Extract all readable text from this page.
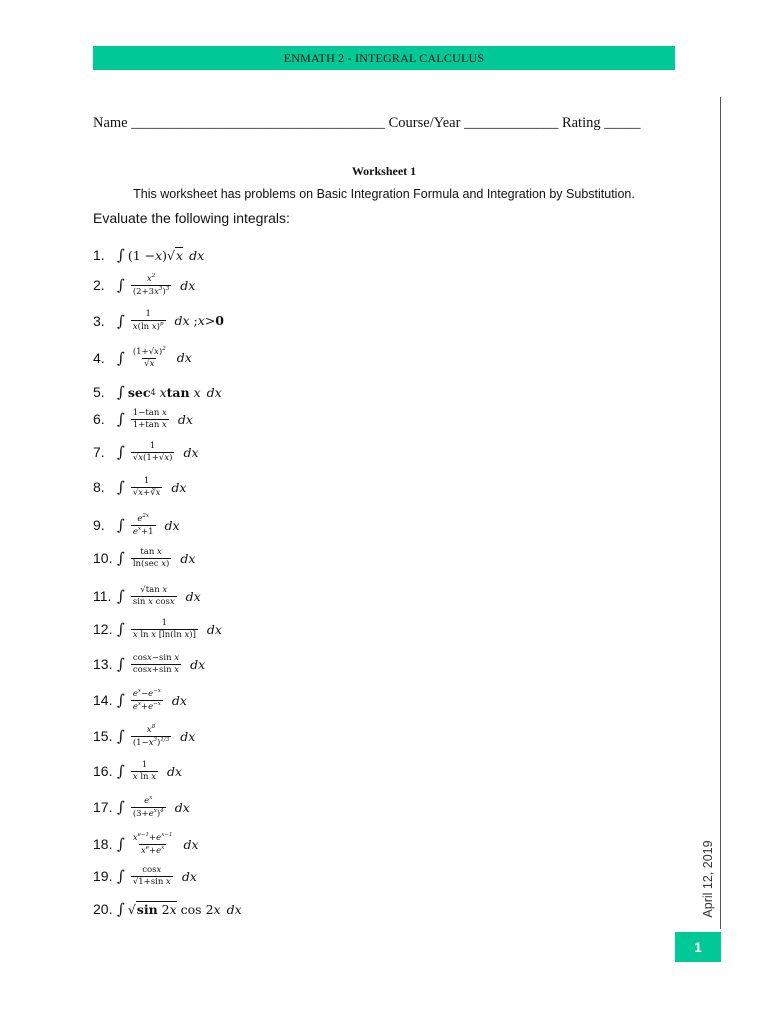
ENMATH 2 - INTEGRAL CALCULUS
Name ___________________________________ Course/Year _____________ Rating _____
Worksheet 1
This worksheet has problems on Basic Integration Formula and Integration by Substitution.
Evaluate the following integrals:
1. ∫ (1 − x )√ x dx
2. ∫ $\frac{x^2}{(2+3x^3)^3}$ dx
3. ∫ $\frac{1}{x(\ln x)^p}$ dx ; x > 0
4. ∫ $\frac{(1+√x)^2}{√x}$ dx
5. ∫ sec 4 x tan x dx
6. ∫ $\frac{\text{1−tan x}}{\text{1+tan x}}$ dx
7. ∫ $\frac{1}{√x(1+√x)}$ dx
8. ∫ $\frac{1}{√x+∛x}$ dx
9. ∫ $\frac{e^{2x}}{e^x+1}$ dx
10. ∫ $\frac{\text{tan x}}{\text{ln(sec x)}}$ dx
11. ∫ $\frac{\text{√tan x}}{\text{sin x cosx}}$ dx
12. ∫ $\frac{1}{\text{x ln x [ln(ln x)]}}$ dx
13. ∫ $\frac{\text{cosx−sin x}}{\text{cosx+sin x}}$ dx
14. ∫ $\frac{e^x-e^{-x}}{e^x+e^{-x}}$ dx
15. ∫ $\frac{x^8}{(1-x^3)^{1/3}}$ dx
16. ∫ $\frac{1}{\text{x ln x}}$ dx
17. ∫ $\frac{e^x}{(3+e^x)^4}$ dx
18. ∫ $\frac{x^{e-1}+e^{x-1}}{x^e+e^x}$ dx
19. ∫ $\frac{\cos x}{\text{√1+sin x}}$ dx
20. ∫ √ sin 2x
cos 2 x dx	April 12, 2019
1
